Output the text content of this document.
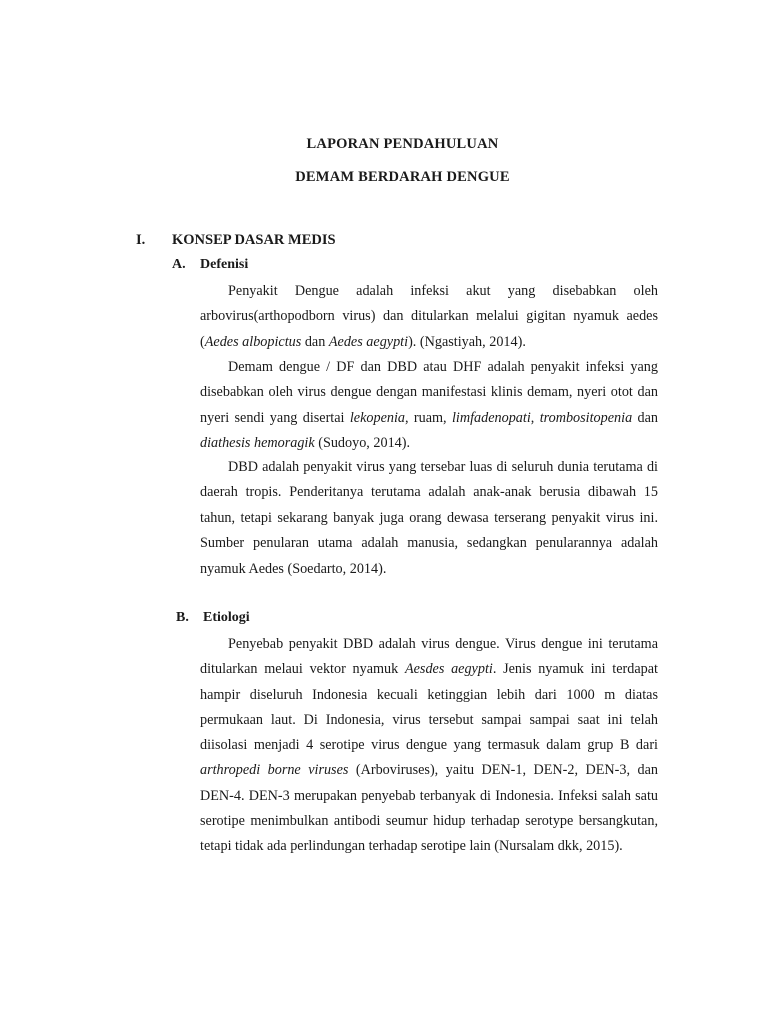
LAPORAN PENDAHULUAN
DEMAM BERDARAH DENGUE
I. KONSEP DASAR MEDIS
A. Defenisi

Penyakit Dengue adalah infeksi akut yang disebabkan oleh arbovirus(arthopodborn virus) dan ditularkan melalui gigitan nyamuk aedes (Aedes albopictus dan Aedes aegypti). (Ngastiyah, 2014).

Demam dengue / DF dan DBD atau DHF adalah penyakit infeksi yang disebabkan oleh virus dengue dengan manifestasi klinis demam, nyeri otot dan nyeri sendi yang disertai lekopenia, ruam, limfadenopati, trombositopenia dan diathesis hemoragik (Sudoyo, 2014).

DBD adalah penyakit virus yang tersebar luas di seluruh dunia terutama di daerah tropis. Penderitanya terutama adalah anak-anak berusia dibawah 15 tahun, tetapi sekarang banyak juga orang dewasa terserang penyakit virus ini. Sumber penularan utama adalah manusia, sedangkan penularannya adalah nyamuk Aedes (Soedarto, 2014).

B. Etiologi

Penyebab penyakit DBD adalah virus dengue. Virus dengue ini terutama ditularkan melaui vektor nyamuk Aesdes aegypti. Jenis nyamuk ini terdapat hampir diseluruh Indonesia kecuali ketinggian lebih dari 1000 m diatas permukaan laut. Di Indonesia, virus tersebut sampai sampai saat ini telah diisolasi menjadi 4 serotipe virus dengue yang termasuk dalam grup B dari arthropedi borne viruses (Arboviruses), yaitu DEN-1, DEN-2, DEN-3, dan DEN-4. DEN-3 merupakan penyebab terbanyak di Indonesia. Infeksi salah satu serotipe menimbulkan antibodi seumur hidup terhadap serotype bersangkutan, tetapi tidak ada perlindungan terhadap serotipe lain (Nursalam dkk, 2015).
